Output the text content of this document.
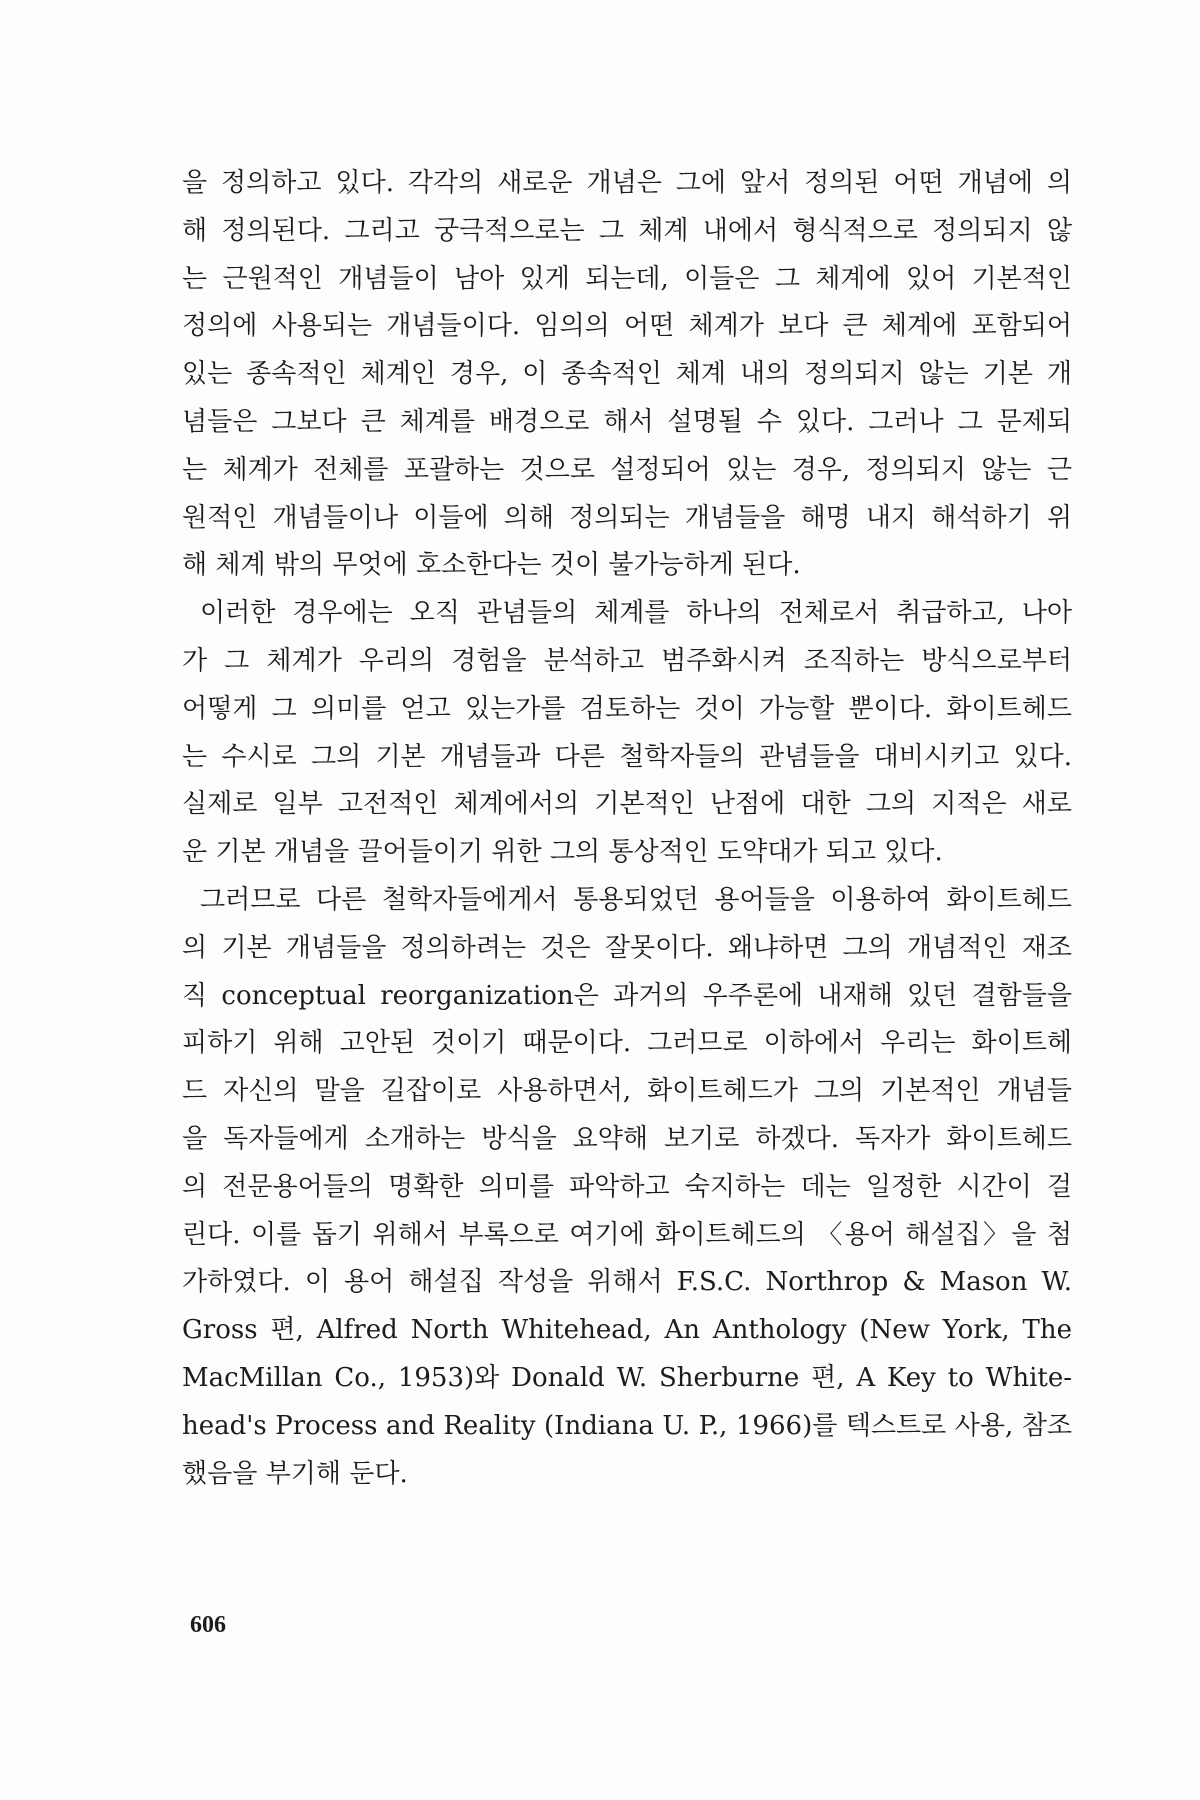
을 정의하고 있다. 각각의 새로운 개념은 그에 앞서 정의된 어떤 개념에 의
해 정의된다. 그리고 궁극적으로는 그 체계 내에서 형식적으로 정의되지 않
는 근원적인 개념들이 남아 있게 되는데, 이들은 그 체계에 있어 기본적인
정의에 사용되는 개념들이다. 임의의 어떤 체계가 보다 큰 체계에 포함되어
있는 종속적인 체계인 경우, 이 종속적인 체계 내의 정의되지 않는 기본 개
념들은 그보다 큰 체계를 배경으로 해서 설명될 수 있다. 그러나 그 문제되
는 체계가 전체를 포괄하는 것으로 설정되어 있는 경우, 정의되지 않는 근
원적인 개념들이나 이들에 의해 정의되는 개념들을 해명 내지 해석하기 위
해 체계 밖의 무엇에 호소한다는 것이 불가능하게 된다.
이러한 경우에는 오직 관념들의 체계를 하나의 전체로서 취급하고, 나아
가 그 체계가 우리의 경험을 분석하고 범주화시켜 조직하는 방식으로부터
어떻게 그 의미를 얻고 있는가를 검토하는 것이 가능할 뿐이다. 화이트헤드
는 수시로 그의 기본 개념들과 다른 철학자들의 관념들을 대비시키고 있다.
실제로 일부 고전적인 체계에서의 기본적인 난점에 대한 그의 지적은 새로
운 기본 개념을 끌어들이기 위한 그의 통상적인 도약대가 되고 있다.
그러므로 다른 철학자들에게서 통용되었던 용어들을 이용하여 화이트헤드
의 기본 개념들을 정의하려는 것은 잘못이다. 왜냐하면 그의 개념적인 재조
직 conceptual reorganization은 과거의 우주론에 내재해 있던 결함들을
피하기 위해 고안된 것이기 때문이다. 그러므로 이하에서 우리는 화이트헤
드 자신의 말을 길잡이로 사용하면서, 화이트헤드가 그의 기본적인 개념들
을 독자들에게 소개하는 방식을 요약해 보기로 하겠다. 독자가 화이트헤드
의 전문용어들의 명확한 의미를 파악하고 숙지하는 데는 일정한 시간이 걸
린다. 이를 돕기 위해서 부록으로 여기에 화이트헤드의 〈용어 해설집〉을 첨
가하였다. 이 용어 해설집 작성을 위해서 F.S.C. Northrop & Mason W.
Gross 편, Alfred North Whitehead, An Anthology (New York, The
MacMillan Co., 1953)와 Donald W. Sherburne 편, A Key to White-
head's Process and Reality (Indiana U. P., 1966)를 텍스트로 사용, 참조
했음을 부기해 둔다.
606
